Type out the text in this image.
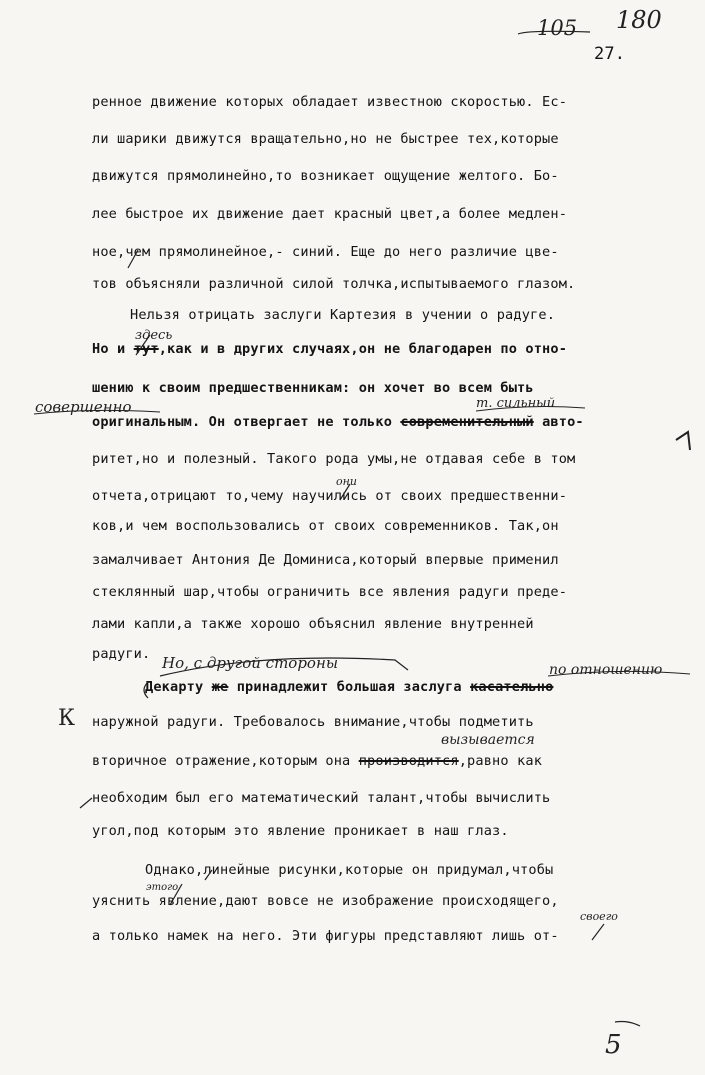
105 180
27.
ренное движение которых обладает известною скоростью. Ес-
ли шарики движутся вращательно,но не быстрее тех,которые
движутся прямолинейно,то возникает ощущение желтого. Бо-
лее быстрое их движение дает красный цвет,а более медлен-
ное,чем прямолинейное,- синий. Еще до него различие цве-
тов объясняли различной силой толчка,испытываемого глазом.
Нельзя отрицать заслуги Картезия в учении о радуге.
Но и тут,как и в других случаях,он не благодарен по отно-
шению к своим предшественникам: он хочет во всем быть
оригинальным. Он отвергает не только современительный авто-
ритет,но и полезный. Такого рода умы,не отдавая себе в том
отчета,отрицают то,чему научились от своих предшественни-
ков,и чем воспользовались от своих современников. Так,он
замалчивает Антония Де Доминиса,который впервые применил
стеклянный шар,чтобы ограничить все явления радуги преде-
лами капли,а также хорошо объяснил явление внутренней
радуги.
Декарту же принадлежит большая заслуга касательно
наружной радуги. Требовалось внимание,чтобы подметить
вторичное отражение,которым она производится,равно как
необходим был его математический талант,чтобы вычислить
угол,под которым это явление проникает в наш глаз.
Однако,линейные рисунки,которые он придумал,чтобы
уяснить явление,дают вовсе не изображение происходящего,
а только намек на него. Эти фигуры представляют лишь от-
здесь
совершенно	т. сильный
они
Но, с другой стороны	по отношению
вызывается
этого
своего
К
5
